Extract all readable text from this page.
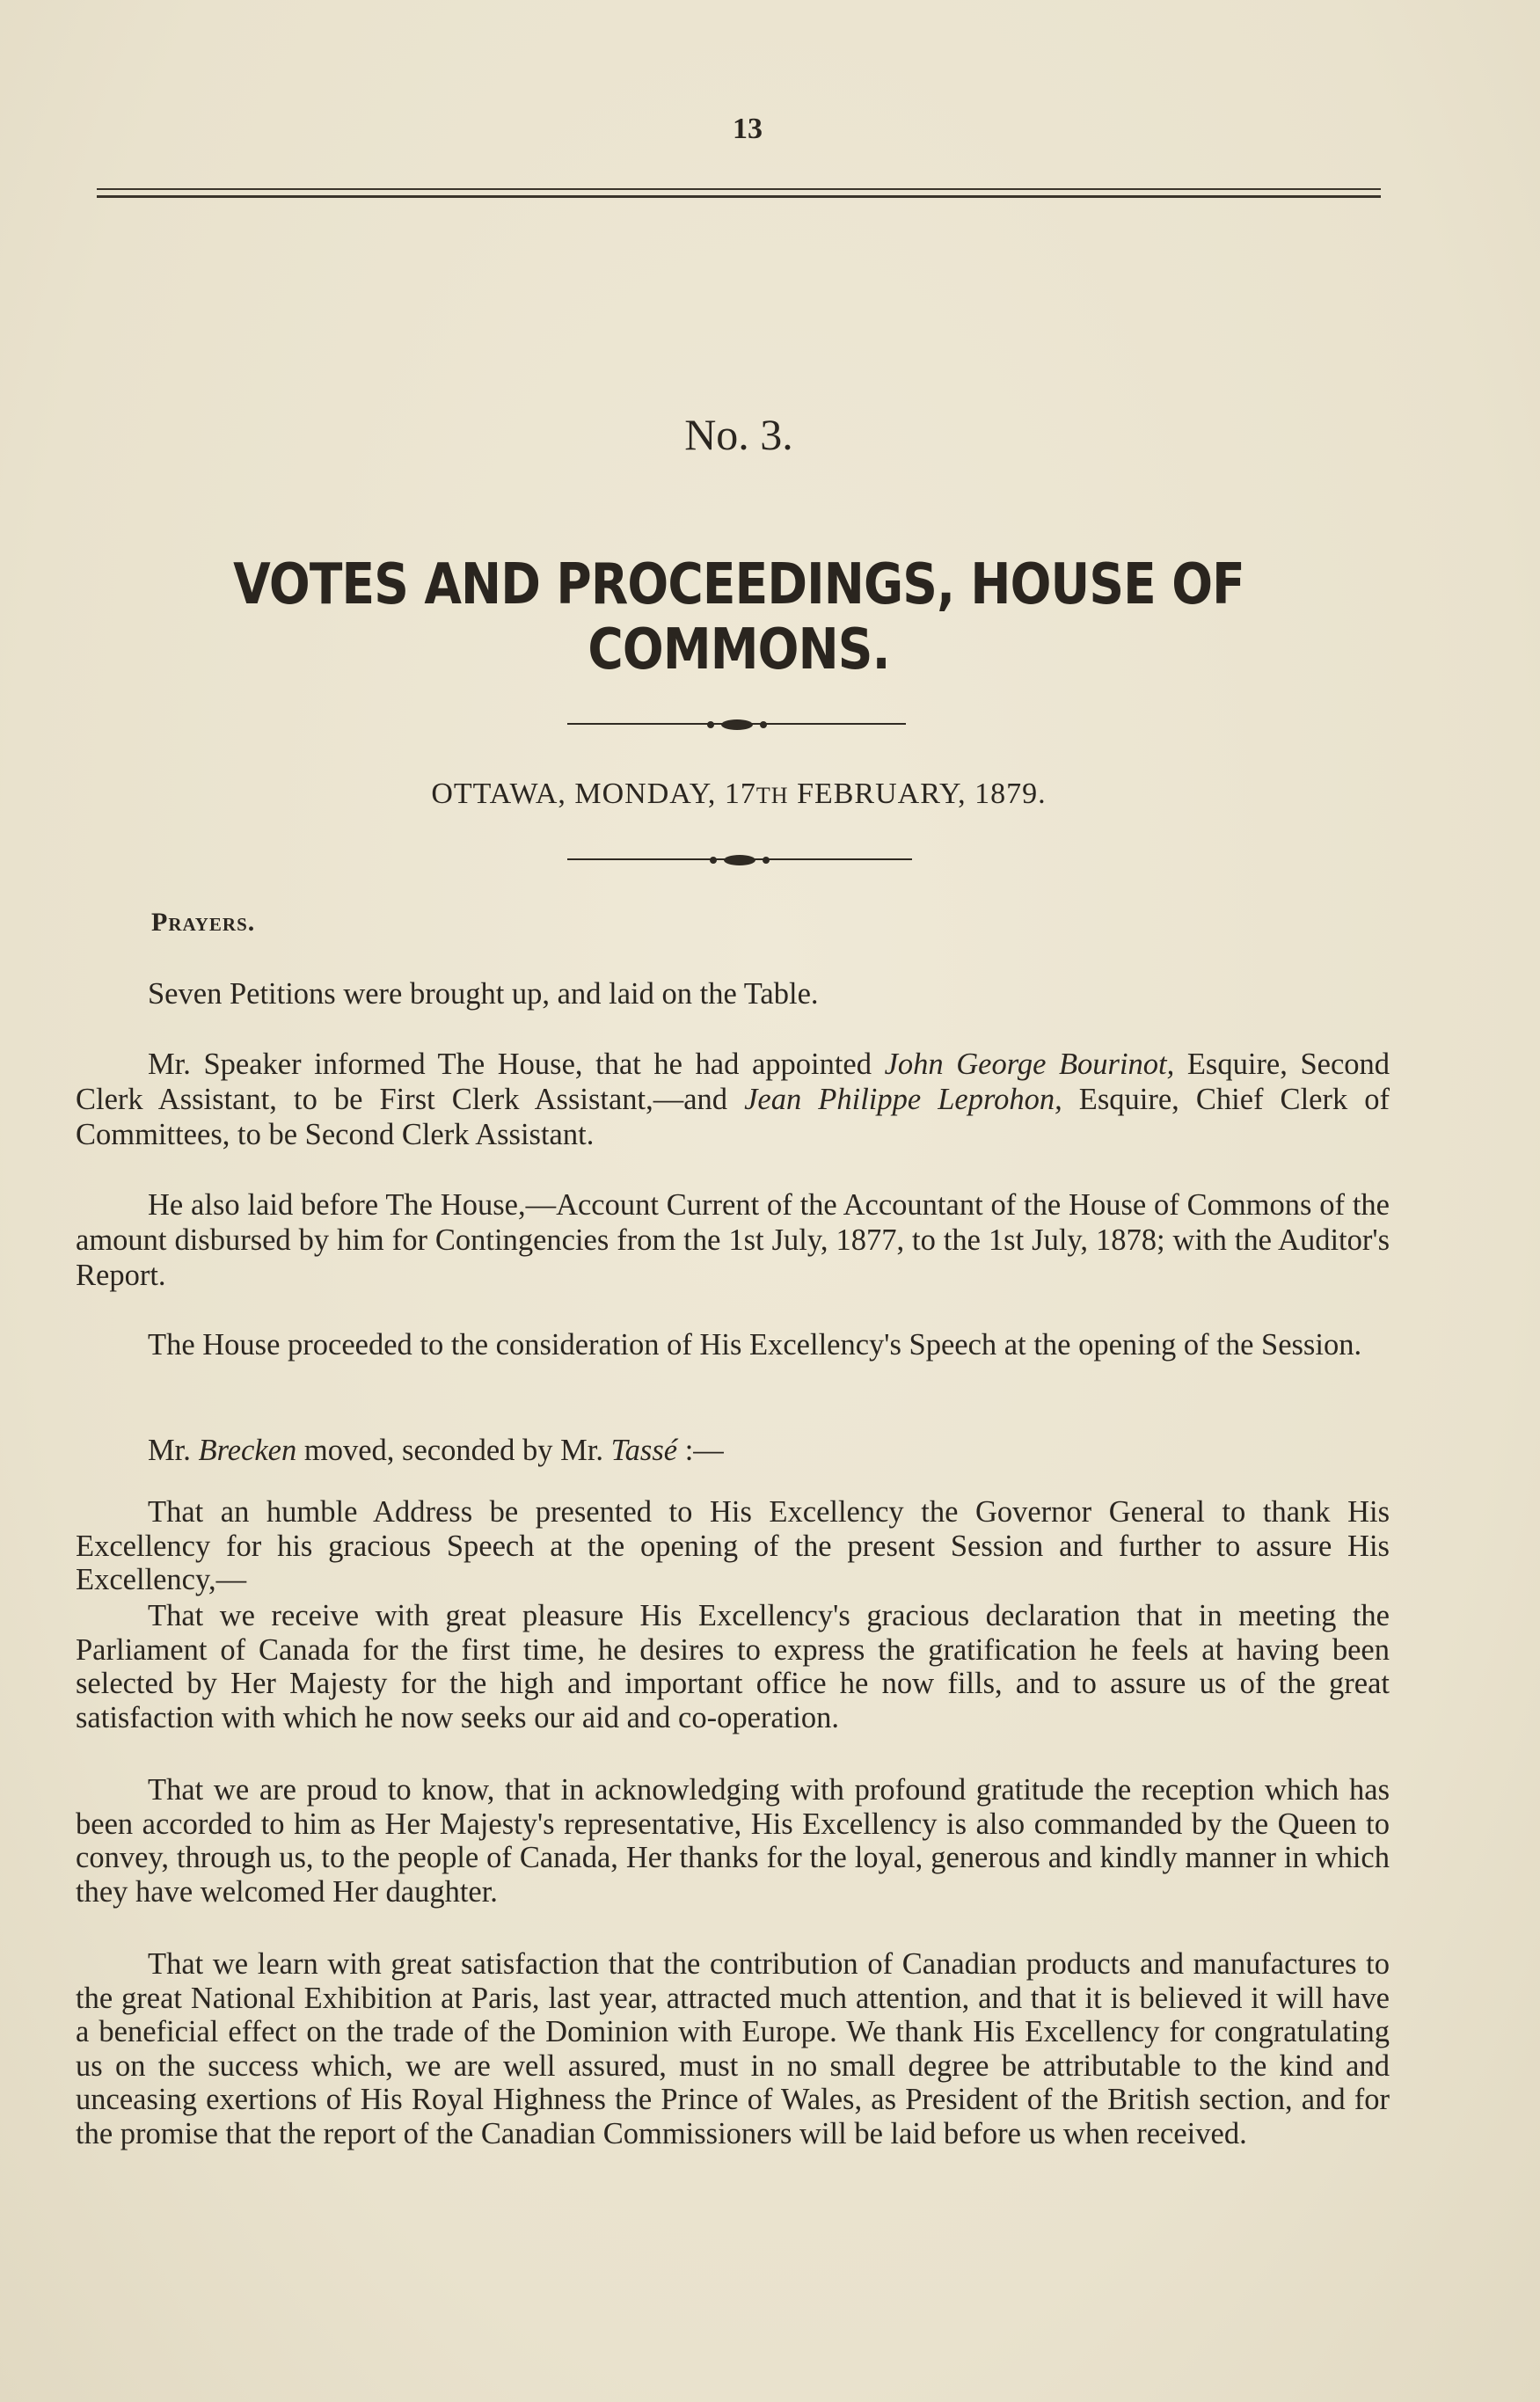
13
No. 3.
VOTES AND PROCEEDINGS, HOUSE OF COMMONS.
OTTAWA, MONDAY, 17TH FEBRUARY, 1879.
Prayers.
Seven Petitions were brought up, and laid on the Table.
Mr. Speaker informed The House, that he had appointed John George Bourinot, Esquire, Second Clerk Assistant, to be First Clerk Assistant,—and Jean Philippe Leprohon, Esquire, Chief Clerk of Committees, to be Second Clerk Assistant.
He also laid before The House,—Account Current of the Accountant of the House of Commons of the amount disbursed by him for Contingencies from the 1st July, 1877, to the 1st July, 1878; with the Auditor's Report.
The House proceeded to the consideration of His Excellency's Speech at the opening of the Session.
Mr. Brecken moved, seconded by Mr. Tassé :—
That an humble Address be presented to His Excellency the Governor General to thank His Excellency for his gracious Speech at the opening of the present Session and further to assure His Excellency,—
That we receive with great pleasure His Excellency's gracious declaration that in meeting the Parliament of Canada for the first time, he desires to express the gratification he feels at having been selected by Her Majesty for the high and important office he now fills, and to assure us of the great satisfaction with which he now seeks our aid and co-operation.
That we are proud to know, that in acknowledging with profound gratitude the reception which has been accorded to him as Her Majesty's representative, His Excellency is also commanded by the Queen to convey, through us, to the people of Canada, Her thanks for the loyal, generous and kindly manner in which they have welcomed Her daughter.
That we learn with great satisfaction that the contribution of Canadian products and manufactures to the great National Exhibition at Paris, last year, attracted much attention, and that it is believed it will have a beneficial effect on the trade of the Dominion with Europe. We thank His Excellency for congratulating us on the success which, we are well assured, must in no small degree be attributable to the kind and unceasing exertions of His Royal Highness the Prince of Wales, as President of the British section, and for the promise that the report of the Canadian Commissioners will be laid before us when received.
